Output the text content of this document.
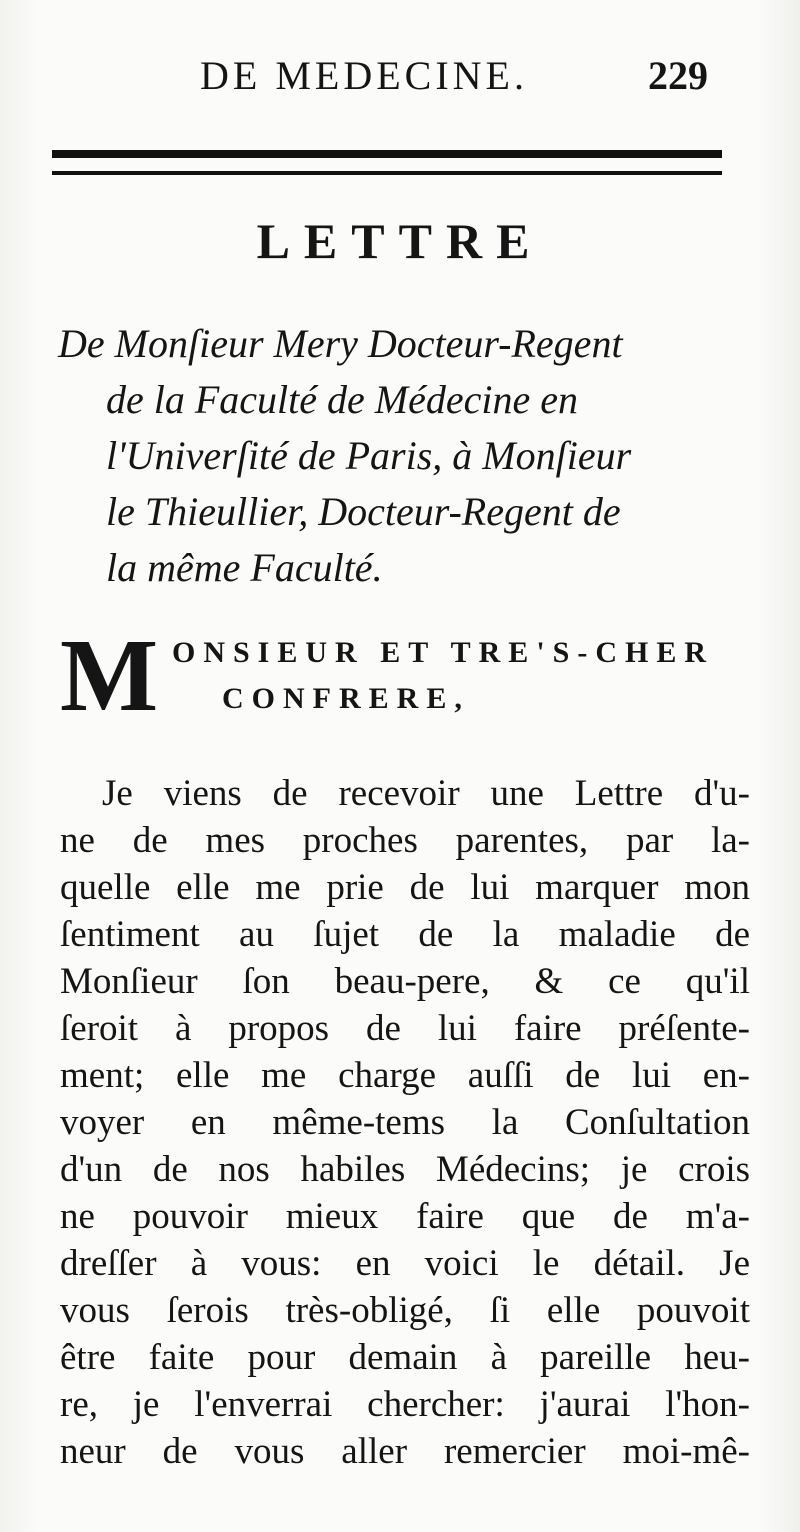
DE MEDECINE.	229
LETTRE
De Monſieur Mery Docteur-Regent
de la Faculté de Médecine en
l'Univerſité de Paris, à Monſieur
le Thieullier, Docteur-Regent de
la même Faculté.
M ONSIEUR ET TRE'S-CHER
CONFRERE,
Je viens de recevoir une Lettre d'u-
ne de mes proches parentes, par la-
quelle elle me prie de lui marquer mon
ſentiment au ſujet de la maladie de
Monſieur ſon beau-pere, & ce qu'il
ſeroit à propos de lui faire préſente-
ment; elle me charge auſſi de lui en-
voyer en même-tems la Conſultation
d'un de nos habiles Médecins; je crois
ne pouvoir mieux faire que de m'a-
dreſſer à vous: en voici le détail. Je
vous ſerois très-obligé, ſi elle pouvoit
être faite pour demain à pareille heu-
re, je l'enverrai chercher: j'aurai l'hon-
neur de vous aller remercier moi-mê-
